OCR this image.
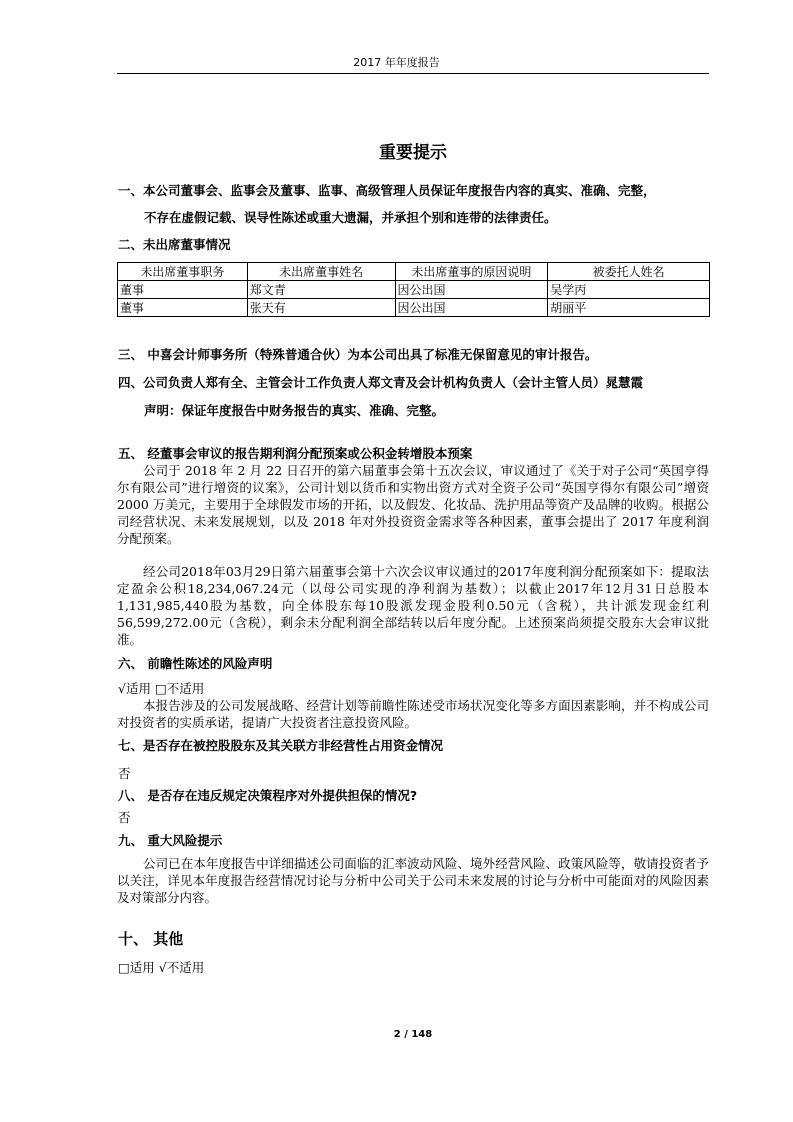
2017 年年度报告
重要提示
一、本公司董事会、监事会及董事、监事、高级管理人员保证年度报告内容的真实、准确、完整，
不存在虚假记载、误导性陈述或重大遗漏，并承担个别和连带的法律责任。
二、未出席董事情况
未出席董事职务	未出席董事姓名	未出席董事的原因说明	被委托人姓名
董事	郑文青	因公出国	吴学丙
董事	张天有	因公出国	胡丽平
三、 中喜会计师事务所（特殊普通合伙）为本公司出具了标准无保留意见的审计报告。
四、公司负责人郑有全、主管会计工作负责人郑文青及会计机构负责人（会计主管人员）晁慧霞
声明：保证年度报告中财务报告的真实、准确、完整。
五、 经董事会审议的报告期利润分配预案或公积金转增股本预案
公司于 2018 年 2 月 22 日召开的第六届董事会第十五次会议，审议通过了《关于对子公司“英国亨得尔有限公司”进行增资的议案》，公司计划以货币和实物出资方式对全资子公司“英国亨得尔有限公司”增资 2000 万美元，主要用于全球假发市场的开拓，以及假发、化妆品、洗护用品等资产及品牌的收购。根据公司经营状况、未来发展规划，以及 2018 年对外投资资金需求等各种因素，董事会提出了 2017 年度利润分配预案。
经公司2018年03月29日第六届董事会第十六次会议审议通过的2017年度利润分配预案如下：提取法定盈余公积18,234,067.24元（以母公司实现的净利润为基数）；以截止2017年12月31日总股本1,131,985,440股为基数，向全体股东每10股派发现金股利0.50元（含税），共计派发现金红利56,599,272.00元（含税），剩余未分配利润全部结转以后年度分配。上述预案尚须提交股东大会审议批准。
六、 前瞻性陈述的风险声明
√适用 □不适用
本报告涉及的公司发展战略、经营计划等前瞻性陈述受市场状况变化等多方面因素影响，并不构成公司对投资者的实质承诺，提请广大投资者注意投资风险。
七、是否存在被控股股东及其关联方非经营性占用资金情况
否
八、 是否存在违反规定决策程序对外提供担保的情况?
否
九、 重大风险提示
公司已在本年度报告中详细描述公司面临的汇率波动风险、境外经营风险、政策风险等，敬请投资者予以关注，详见本年度报告经营情况讨论与分析中公司关于公司未来发展的讨论与分析中可能面对的风险因素及对策部分内容。
十、 其他
□适用 √不适用
2 / 148
